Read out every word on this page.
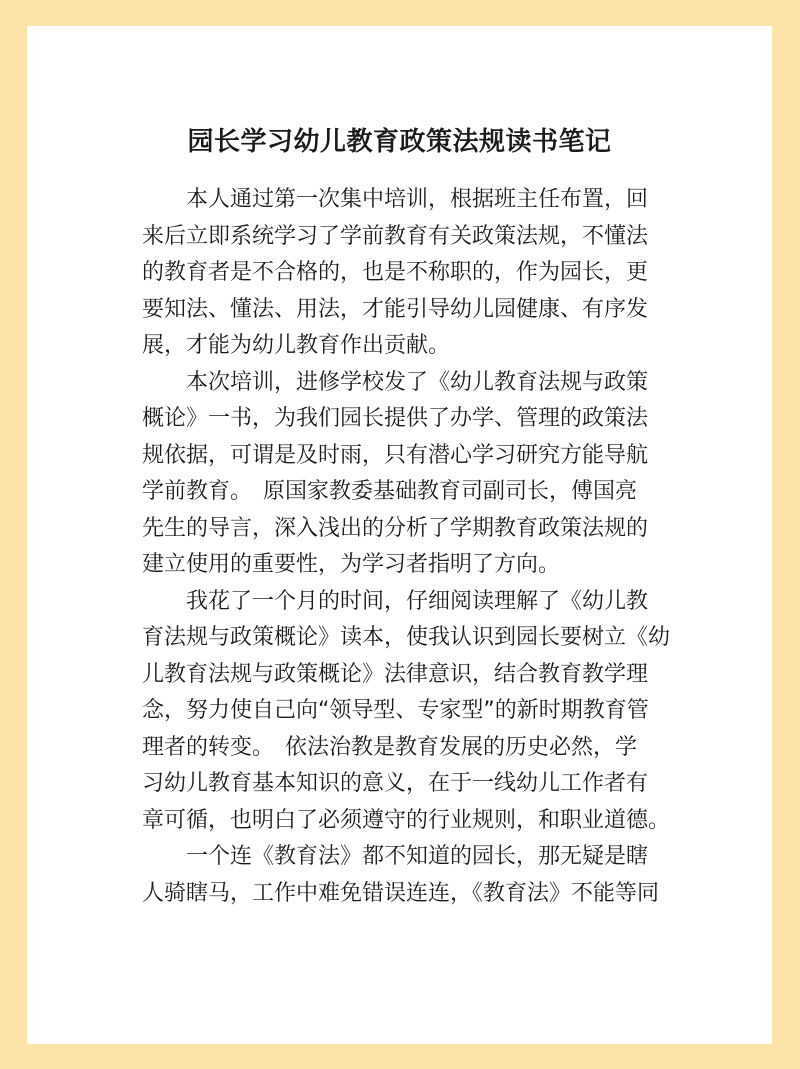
园长学习幼儿教育政策法规读书笔记

本人通过第一次集中培训，根据班主任布置，回
来后立即系统学习了学前教育有关政策法规，不懂法
的教育者是不合格的，也是不称职的，作为园长，更
要知法、懂法、用法，才能引导幼儿园健康、有序发
展，才能为幼儿教育作出贡献。

本次培训，进修学校发了《幼儿教育法规与政策
概论》一书，为我们园长提供了办学、管理的政策法
规依据，可谓是及时雨，只有潜心学习研究方能导航
学前教育。　原国家教委基础教育司副司长，傅国亮
先生的导言，深入浅出的分析了学期教育政策法规的
建立使用的重要性，为学习者指明了方向。

我花了一个月的时间，仔细阅读理解了《幼儿教
育法规与政策概论》读本，使我认识到园长要树立《幼
儿教育法规与政策概论》法律意识，结合教育教学理
念，努力使自己向“领导型、专家型”的新时期教育管
理者的转变。　依法治教是教育发展的历史必然，学
习幼儿教育基本知识的意义，在于一线幼儿工作者有
章可循，也明白了必须遵守的行业规则，和职业道德。

一个连《教育法》都不知道的园长，那无疑是瞎
人骑瞎马，工作中难免错误连连，《教育法》不能等同
